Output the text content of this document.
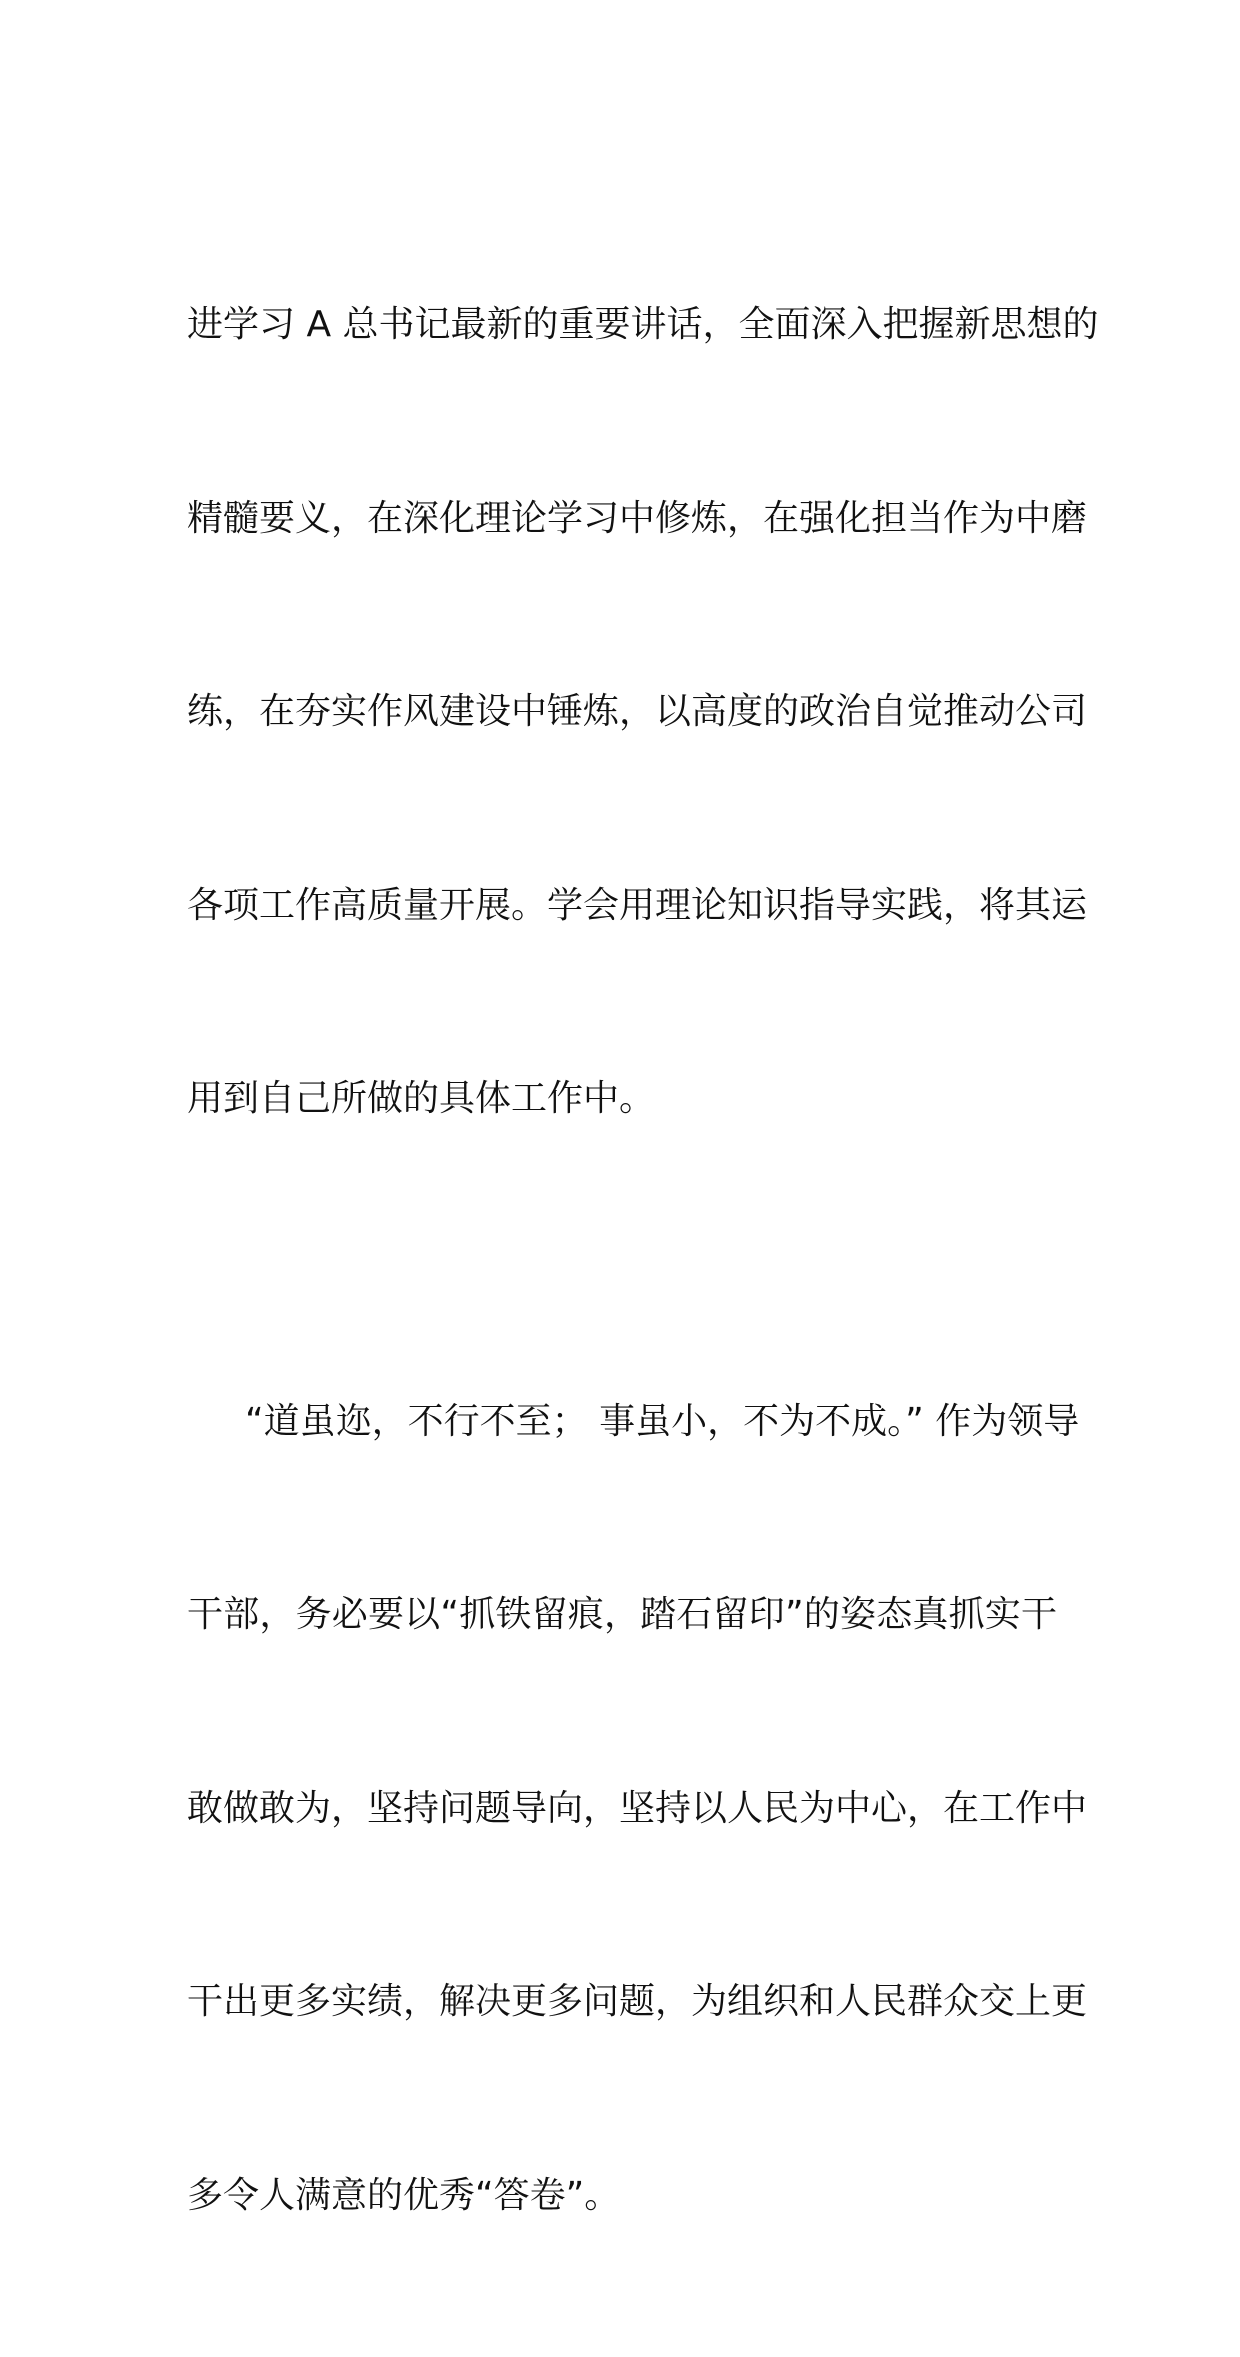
进学习 A 总书记最新的重要讲话，全面深入把握新思想的

精髓要义，在深化理论学习中修炼，在强化担当作为中磨

练，在夯实作风建设中锤炼，以高度的政治自觉推动公司

各项工作高质量开展。学会用理论知识指导实践，将其运

用到自己所做的具体工作中。

“道虽迩，不行不至； 事虽小，不为不成。” 作为领导

干部，务必要以“抓铁留痕，踏石留印”的姿态真抓实干

敢做敢为，坚持问题导向，坚持以人民为中心，在工作中

干出更多实绩，解决更多问题，为组织和人民群众交上更

多令人满意的优秀“答卷”。
